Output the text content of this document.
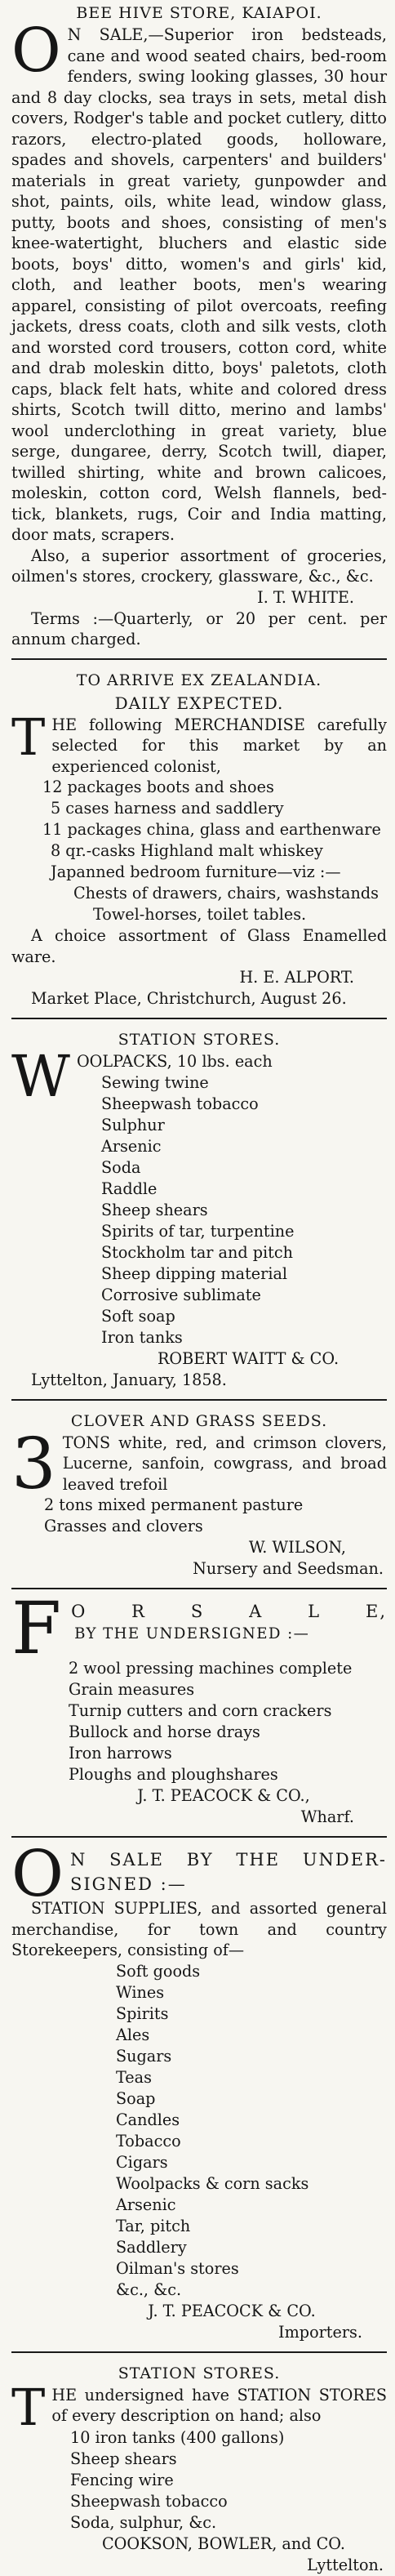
BEE HIVE STORE, KAIAPOI.
O N SALE,—Superior iron bedsteads, cane and wood seated chairs, bed-room fenders, swing looking glasses, 30 hour and 8 day clocks, sea trays in sets, metal dish covers, Rodger's table and pocket cutlery, ditto razors, electro-plated goods, holloware, spades and shovels, carpenters' and builders' materials in great variety, gunpowder and shot, paints, oils, white lead, window glass, putty, boots and shoes, consisting of men's knee-watertight, bluchers and elastic side boots, boys' ditto, women's and girls' kid, cloth, and leather boots, men's wearing apparel, consisting of pilot overcoats, reefing jackets, dress coats, cloth and silk vests, cloth and worsted cord trousers, cotton cord, white and drab moleskin ditto, boys' paletots, cloth caps, black felt hats, white and colored dress shirts, Scotch twill ditto, merino and lambs' wool underclothing in great variety, blue serge, dungaree, derry, Scotch twill, diaper, twilled shirting, white and brown calicoes, moleskin, cotton cord, Welsh flannels, bed-tick, blankets, rugs, Coir and India matting, door mats, scrapers.
Also, a superior assortment of groceries, oilmen's stores, crockery, glassware, &c., &c.
I. T. WHITE.
Terms :—Quarterly, or 20 per cent. per annum charged.
TO ARRIVE EX ZEALANDIA.
DAILY EXPECTED.
T HE following MERCHANDISE carefully selected for this market by an experienced colonist,
12 packages boots and shoes
5 cases harness and saddlery
11 packages china, glass and earthenware
8 qr.-casks Highland malt whiskey
Japanned bedroom furniture—viz :—
Chests of drawers, chairs, washstands
Towel-horses, toilet tables.
A choice assortment of Glass Enamelled ware.
H. E. ALPORT.
Market Place, Christchurch, August 26.
STATION STORES.
W OOLPACKS, 10 lbs. each
Sewing twine
Sheepwash tobacco
Sulphur
Arsenic
Soda
Raddle
Sheep shears
Spirits of tar, turpentine
Stockholm tar and pitch
Sheep dipping material
Corrosive sublimate
Soft soap
Iron tanks
ROBERT WAITT & CO.
Lyttelton, January, 1858.
CLOVER AND GRASS SEEDS.
3 TONS white, red, and crimson clovers, Lucerne, sanfoin, cowgrass, and broad leaved trefoil
2 tons mixed permanent pasture
Grasses and clovers
W. WILSON,
Nursery and Seedsman.
F O	R	S	A	L	E,
BY THE UNDERSIGNED :—
2 wool pressing machines complete
Grain measures
Turnip cutters and corn crackers
Bullock and horse drays
Iron harrows
Ploughs and ploughshares
J. T. PEACOCK & CO.,
Wharf.
O N SALE BY THE UNDER-SIGNED :—
STATION SUPPLIES, and assorted general merchandise, for town and country Storekeepers, consisting of—
Soft goods
Wines
Spirits
Ales
Sugars
Teas
Soap
Candles
Tobacco
Cigars
Woolpacks & corn sacks
Arsenic
Tar, pitch
Saddlery
Oilman's stores
&c., &c.
J. T. PEACOCK & CO.
Importers.
STATION STORES.
T HE undersigned have STATION STORES of every description on hand; also
10 iron tanks (400 gallons)
Sheep shears
Fencing wire
Sheepwash tobacco
Soda, sulphur, &c.
COOKSON, BOWLER, and CO.
Lyttelton.
